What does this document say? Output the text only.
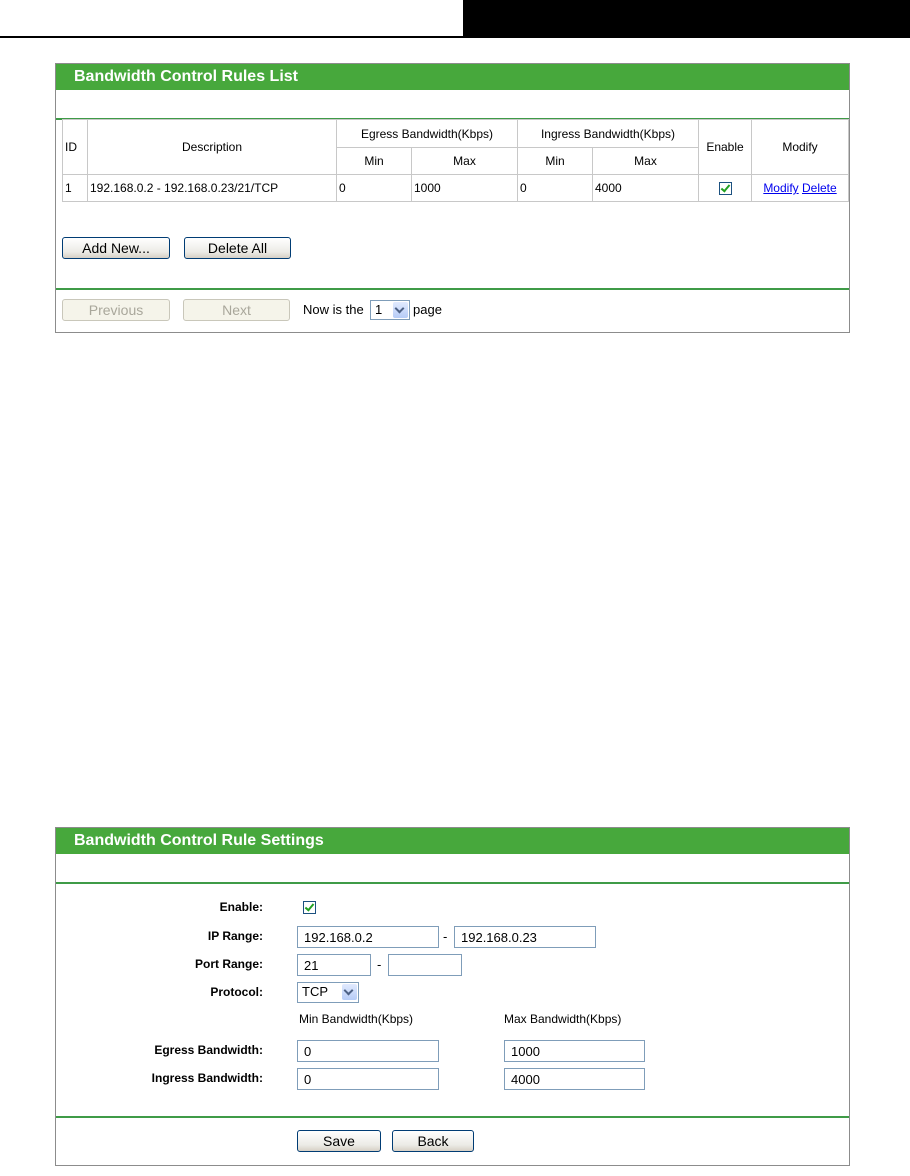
Bandwidth Control Rules List
ID	Description	Egress Bandwidth(Kbps)		Ingress Bandwidth(Kbps)		Enable	Modify
		Min	Max	Min	Max		
1	192.168.0.2 - 192.168.0.23/21/TCP	0	1000	0	4000		Modify Delete
Add New...	Delete All
Previous	Next	Now is the 1 page
Bandwidth Control Rule Settings
Enable:
IP Range:
192.168.0.2	-
192.168.0.23
Port Range:
21	-
Protocol:	TCP
Min Bandwidth(Kbps)	Max Bandwidth(Kbps)
Egress Bandwidth:
0
1000
Ingress Bandwidth:
0
4000
Save	Back
